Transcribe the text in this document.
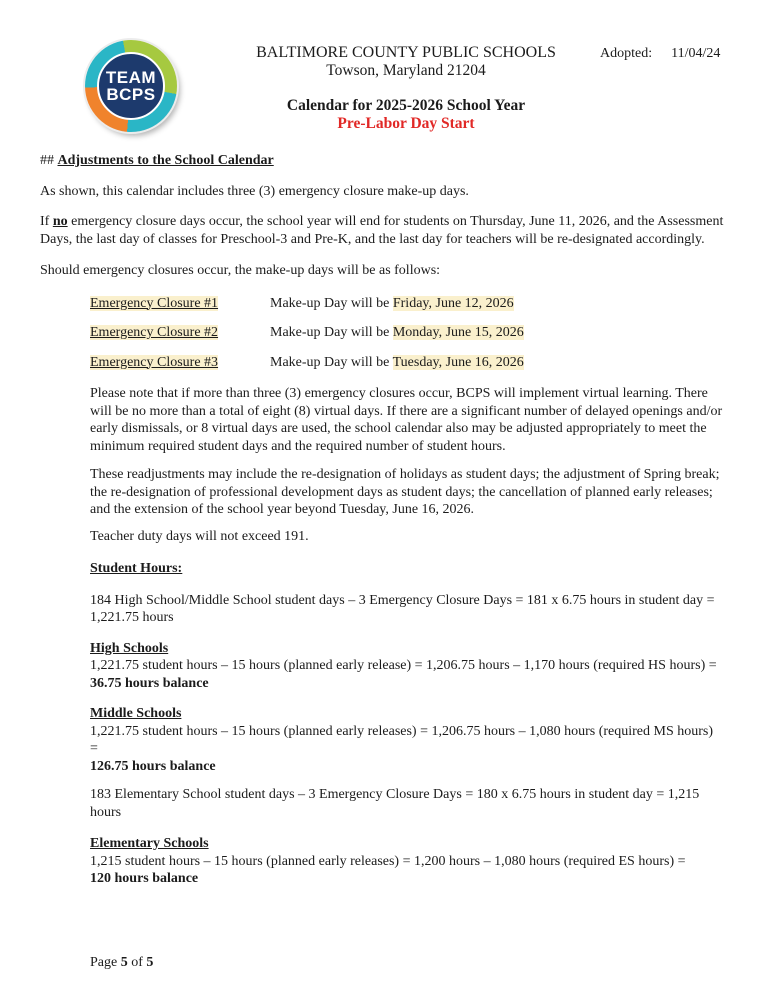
TEAM
BCPS
BALTIMORE COUNTY PUBLIC SCHOOLS
Towson, Maryland 21204
Calendar for 2025-2026 School Year
Pre-Labor Day Start
Adopted: 11/04/24
## Adjustments to the School Calendar

As shown, this calendar includes three (3) emergency closure make-up days.

If no emergency closure days occur, the school year will end for students on Thursday, June 11, 2026, and the Assessment Days, the last day of classes for Preschool-3 and Pre-K, and the last day for teachers will be re-designated accordingly.

Should emergency closures occur, the make-up days will be as follows:

Emergency Closure #1	Make-up Day will be Friday, June 12, 2026
Emergency Closure #2	Make-up Day will be Monday, June 15, 2026
Emergency Closure #3	Make-up Day will be Tuesday, June 16, 2026

Please note that if more than three (3) emergency closures occur, BCPS will implement virtual learning. There will be no more than a total of eight (8) virtual days. If there are a significant number of delayed openings and/or early dismissals, or 8 virtual days are used, the school calendar also may be adjusted appropriately to meet the minimum required student days and the required number of student hours.

These readjustments may include the re-designation of holidays as student days; the adjustment of Spring break; the re-designation of professional development days as student days; the cancellation of planned early releases; and the extension of the school year beyond Tuesday, June 16, 2026.

Teacher duty days will not exceed 191.

Student Hours:

184 High School/Middle School student days – 3 Emergency Closure Days = 181 x 6.75 hours in student day =
1,221.75 hours

High Schools
1,221.75 student hours – 15 hours (planned early release) = 1,206.75 hours – 1,170 hours (required HS hours) =
36.75 hours balance
Middle Schools
1,221.75 student hours – 15 hours (planned early releases) = 1,206.75 hours – 1,080 hours (required MS hours) =
126.75 hours balance

183 Elementary School student days – 3 Emergency Closure Days = 180 x 6.75 hours in student day = 1,215 hours

Elementary Schools
1,215 student hours – 15 hours (planned early releases) = 1,200 hours – 1,080 hours (required ES hours) =
120 hours balance
Page 5 of 5
